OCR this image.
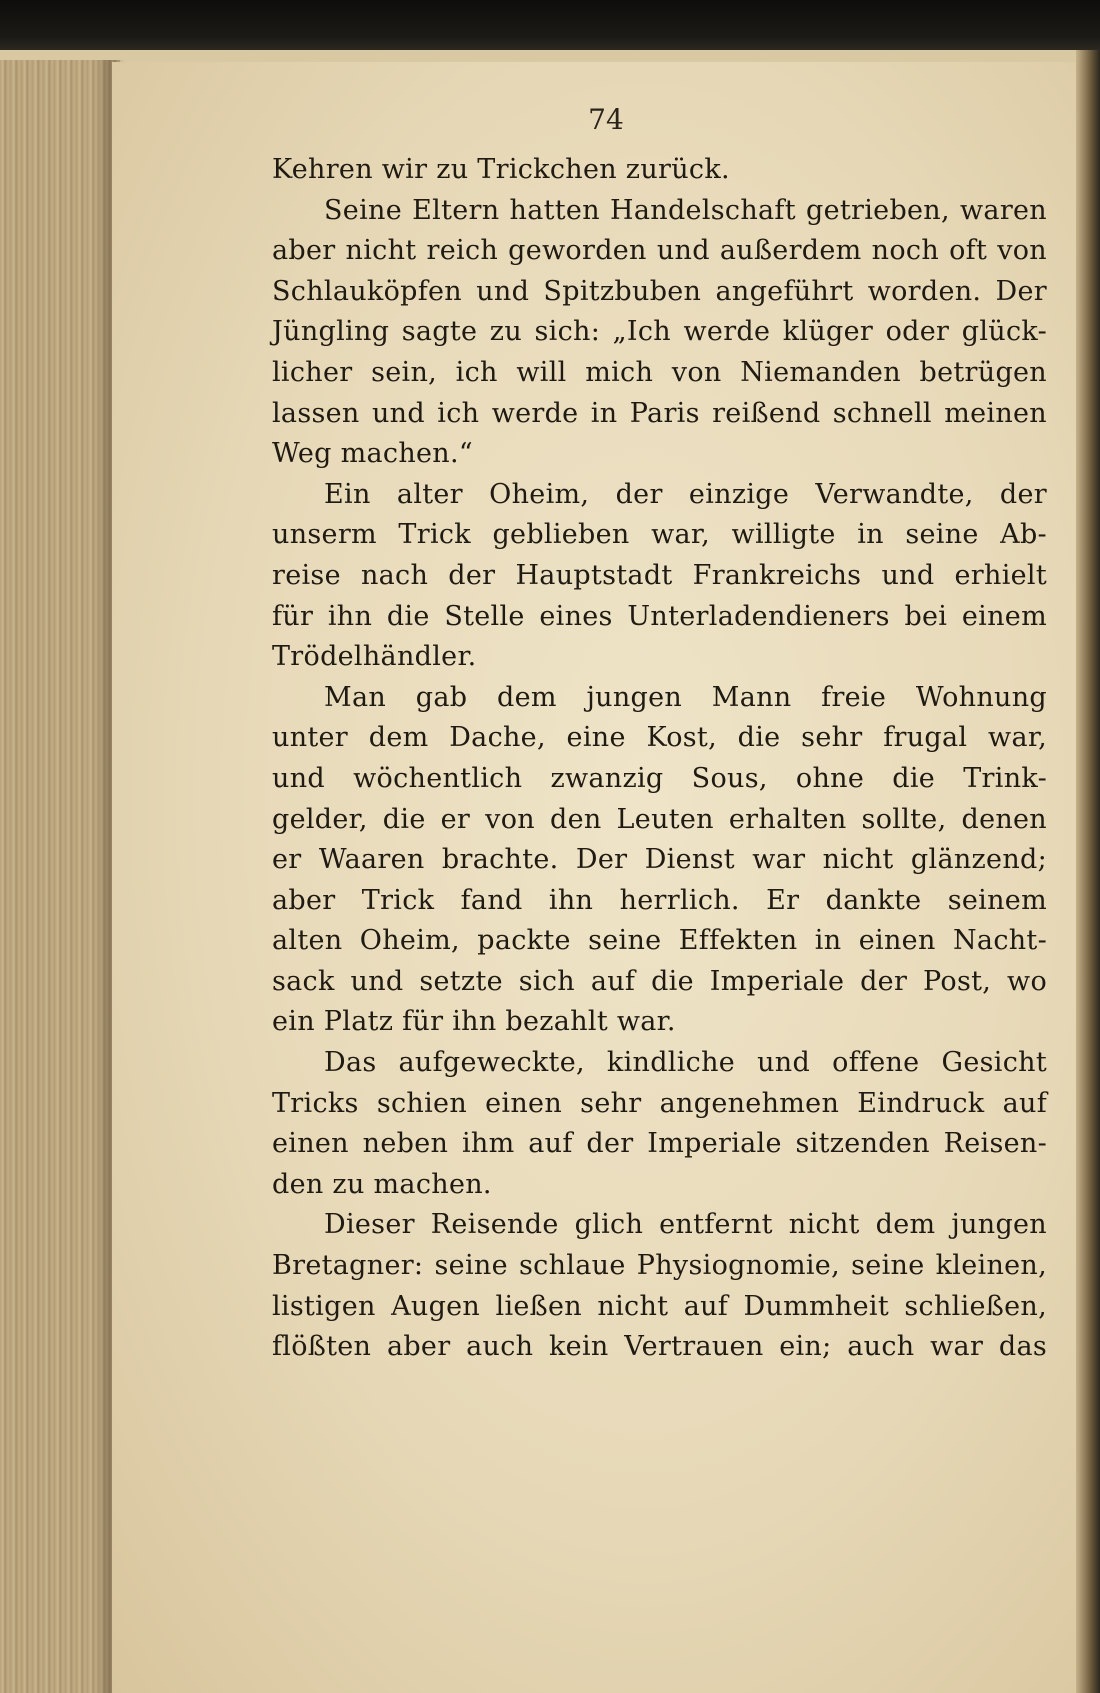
74
Kehren wir zu Trickchen zurück.
Seine Eltern hatten Handelschaft getrieben, waren
aber nicht reich geworden und außerdem noch oft von
Schlauköpfen und Spitzbuben angeführt worden. Der
Jüngling sagte zu sich: „Ich werde klüger oder glück-
licher sein, ich will mich von Niemanden betrügen
lassen und ich werde in Paris reißend schnell meinen
Weg machen.“
Ein alter Oheim, der einzige Verwandte, der
unserm Trick geblieben war, willigte in seine Ab-
reise nach der Hauptstadt Frankreichs und erhielt
für ihn die Stelle eines Unterladendieners bei einem
Trödelhändler.
Man gab dem jungen Mann freie Wohnung
unter dem Dache, eine Kost, die sehr frugal war,
und wöchentlich zwanzig Sous, ohne die Trink-
gelder, die er von den Leuten erhalten sollte, denen
er Waaren brachte. Der Dienst war nicht glänzend;
aber Trick fand ihn herrlich. Er dankte seinem
alten Oheim, packte seine Effekten in einen Nacht-
sack und setzte sich auf die Imperiale der Post, wo
ein Platz für ihn bezahlt war.
Das aufgeweckte, kindliche und offene Gesicht
Tricks schien einen sehr angenehmen Eindruck auf
einen neben ihm auf der Imperiale sitzenden Reisen-
den zu machen.
Dieser Reisende glich entfernt nicht dem jungen
Bretagner: seine schlaue Physiognomie, seine kleinen,
listigen Augen ließen nicht auf Dummheit schließen,
flößten aber auch kein Vertrauen ein; auch war das
